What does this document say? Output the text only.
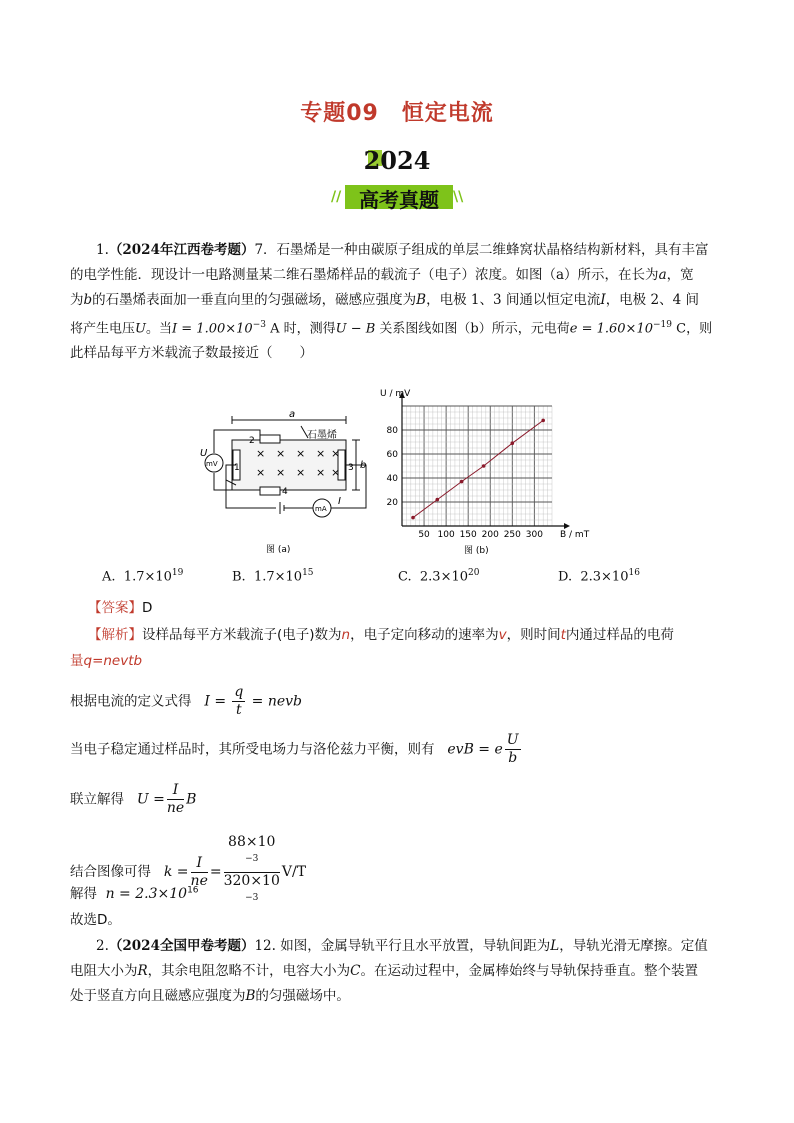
专题09　恒定电流
2024
//	\\
高考真题
1.（2024年江西卷考题）7．石墨烯是一种由碳原子组成的单层二维蜂窝状晶格结构新材料，具有丰富
的电学性能．现设计一电路测量某二维石墨烯样品的载流子（电子）浓度。如图（a）所示，在长为a，宽
为b的石墨烯表面加一垂直向里的匀强磁场，磁感应强度为B，电极 1、3 间通以恒定电流I，电极 2、4 间
将产生电压U。当$I = 1.00\times 10^{-3}$ A 时，测得U − B 关系图线如图（b）所示，元电荷$e = 1.60\times 10^{-19}$ C，则
此样品每平方米载流子数最接近（　　）
a
石墨烯
b
U
mV
mA
I
2
1	3
4
× × × × ×
× × × × ×
图 (a)
50 100 150 200 250 300
20
40
60
80
U / mV
B / mT
图 (b)
A. $1.7\times 10^{19}$	B. $1.7\times 10^{15}$	C. $2.3\times 10^{20}$	D. $2.3\times 10^{16}$
【答案】D
【解析】设样品每平方米载流子(电子)数为n，电子定向移动的速率为v，则时间t内通过样品的电荷
量q=nevtb
根据电流的定义式得 $I = \frac{q}{t}$ = nevb
当电子稳定通过样品时，其所受电场力与洛伦兹力平衡，则有 evB = e $\frac{U}{b}$
联立解得 $U = \frac{I}{ne}$ B
结合图像可得 $k = \frac{I}{ne} = 88\times 10$
$^{-3}$
320×10
$^{-3}$ V/T
解得 $n = 2.3\times 10^{16}$
故选D。
2.（2024全国甲卷考题）12. 如图，金属导轨平行且水平放置，导轨间距为L，导轨光滑无摩擦。定值
电阻大小为R，其余电阻忽略不计，电容大小为C。在运动过程中，金属棒始终与导轨保持垂直。整个装置
处于竖直方向且磁感应强度为B的匀强磁场中。
